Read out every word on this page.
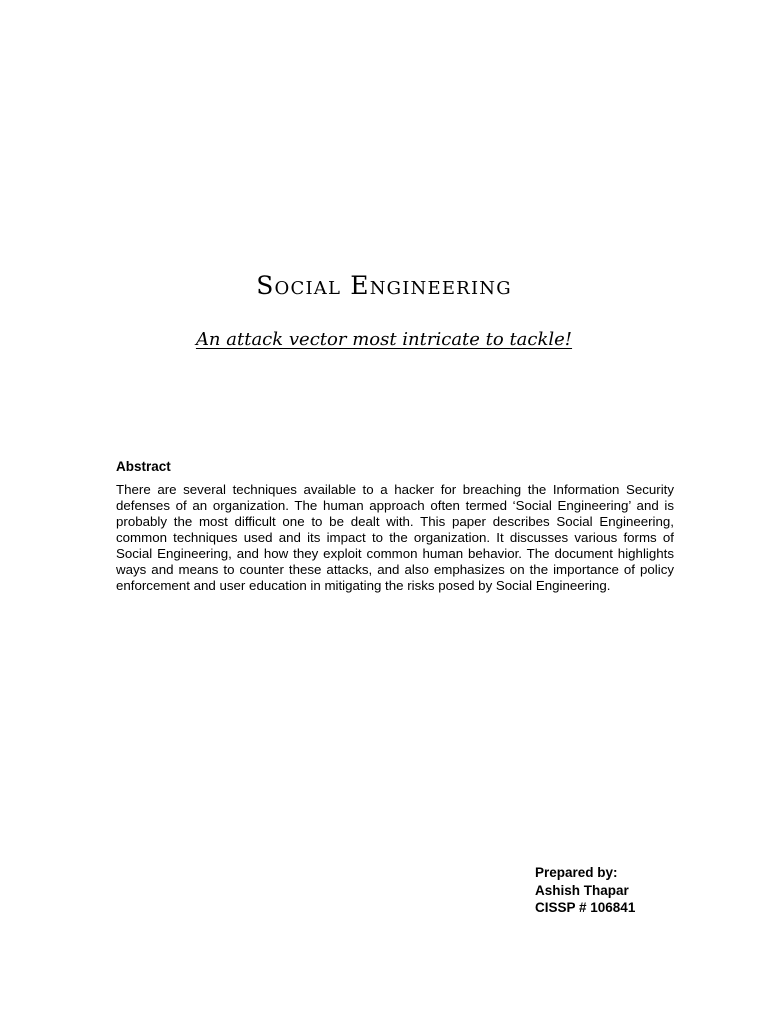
Social Engineering
An attack vector most intricate to tackle!
Abstract
There are several techniques available to a hacker for breaching the Information Security defenses of an organization. The human approach often termed ‘Social Engineering’ and is probably the most difficult one to be dealt with. This paper describes Social Engineering, common techniques used and its impact to the organization. It discusses various forms of Social Engineering, and how they exploit common human behavior. The document highlights ways and means to counter these attacks, and also emphasizes on the importance of policy enforcement and user education in mitigating the risks posed by Social Engineering.
Prepared by:
Ashish Thapar
CISSP # 106841
